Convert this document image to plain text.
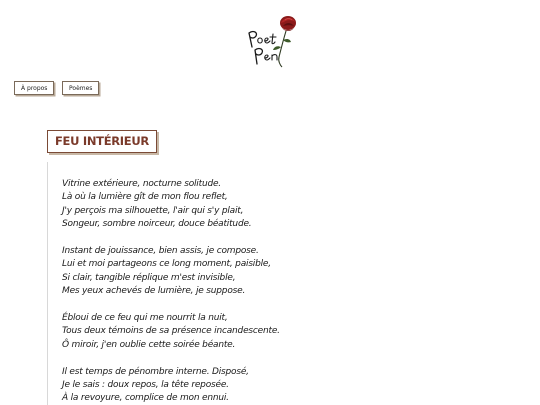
À propos	Poèmes
FEU INTÉRIEUR
Vitrine extérieure, nocturne solitude.
Là où la lumière gît de mon flou reflet,
J'y perçois ma silhouette, l'air qui s'y plait,
Songeur, sombre noirceur, douce béatitude.
Instant de jouissance, bien assis, je compose.
Lui et moi partageons ce long moment, paisible,
Si clair, tangible réplique m'est invisible,
Mes yeux achevés de lumière, je suppose.
Ébloui de ce feu qui me nourrit la nuit,
Tous deux témoins de sa présence incandescente.
Ô miroir, j'en oublie cette soirée béante.
Il est temps de pénombre interne. Disposé,
Je le sais : doux repos, la tête reposée.
À la revoyure, complice de mon ennui.
